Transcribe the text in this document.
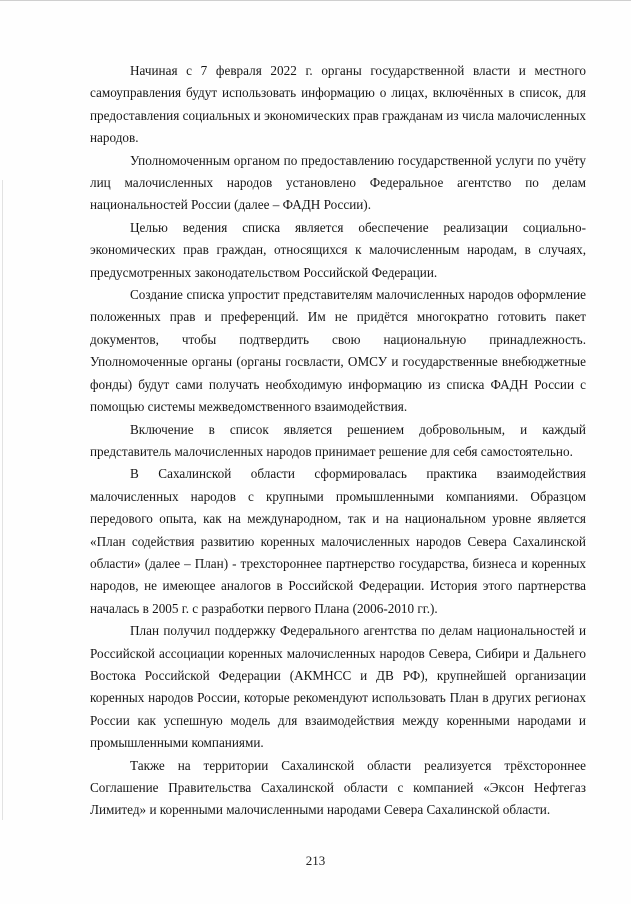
Начиная с 7 февраля 2022 г. органы государственной власти и местного самоуправления будут использовать информацию о лицах, включённых в список, для предоставления социальных и экономических прав гражданам из числа малочисленных народов.

Уполномоченным органом по предоставлению государственной услуги по учёту лиц малочисленных народов установлено Федеральное агентство по делам национальностей России (далее – ФАДН России).

Целью ведения списка является обеспечение реализации социально-экономических прав граждан, относящихся к малочисленным народам, в случаях, предусмотренных законодательством Российской Федерации.

Создание списка упростит представителям малочисленных народов оформление положенных прав и преференций. Им не придётся многократно готовить пакет документов, чтобы подтвердить свою национальную принадлежность. Уполномоченные органы (органы госвласти, ОМСУ и государственные внебюджетные фонды) будут сами получать необходимую информацию из списка ФАДН России с помощью системы межведомственного взаимодействия.

Включение в список является решением добровольным, и каждый представитель малочисленных народов принимает решение для себя самостоятельно.

В Сахалинской области сформировалась практика взаимодействия малочисленных народов с крупными промышленными компаниями. Образцом передового опыта, как на международном, так и на национальном уровне является «План содействия развитию коренных малочисленных народов Севера Сахалинской области» (далее – План) - трехстороннее партнерство государства, бизнеса и коренных народов, не имеющее аналогов в Российской Федерации. История этого партнерства началась в 2005 г. с разработки первого Плана (2006-2010 гг.).

План получил поддержку Федерального агентства по делам национальностей и Российской ассоциации коренных малочисленных народов Севера, Сибири и Дальнего Востока Российской Федерации (АКМНСС и ДВ РФ), крупнейшей организации коренных народов России, которые рекомендуют использовать План в других регионах России как успешную модель для взаимодействия между коренными народами и промышленными компаниями.

Также на территории Сахалинской области реализуется трёхстороннее Соглашение Правительства Сахалинской области с компанией «Эксон Нефтегаз Лимитед» и коренными малочисленными народами Севера Сахалинской области.

213
